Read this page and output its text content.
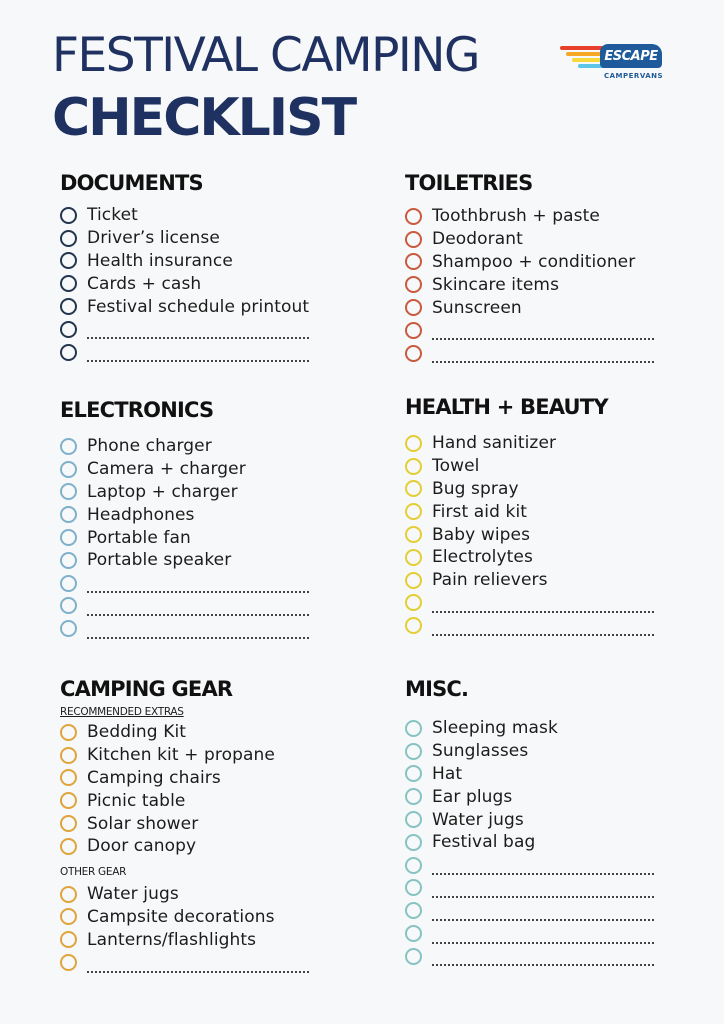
FESTIVAL CAMPING
CHECKLIST
ESCAPE
CAMPERVANS
DOCUMENTS
Ticket
Driver’s license
Health insurance
Cards + cash
Festival schedule printout
TOILETRIES
Toothbrush + paste
Deodorant
Shampoo + conditioner
Skincare items
Sunscreen
ELECTRONICS
Phone charger
Camera + charger
Laptop + charger
Headphones
Portable fan
Portable speaker
HEALTH + BEAUTY
Hand sanitizer
Towel
Bug spray
First aid kit
Baby wipes
Electrolytes
Pain relievers
CAMPING GEAR
RECOMMENDED EXTRAS
Bedding Kit
Kitchen kit + propane
Camping chairs
Picnic table
Solar shower
Door canopy
OTHER GEAR
Water jugs
Campsite decorations
Lanterns/flashlights
MISC.
Sleeping mask
Sunglasses
Hat
Ear plugs
Water jugs
Festival bag
